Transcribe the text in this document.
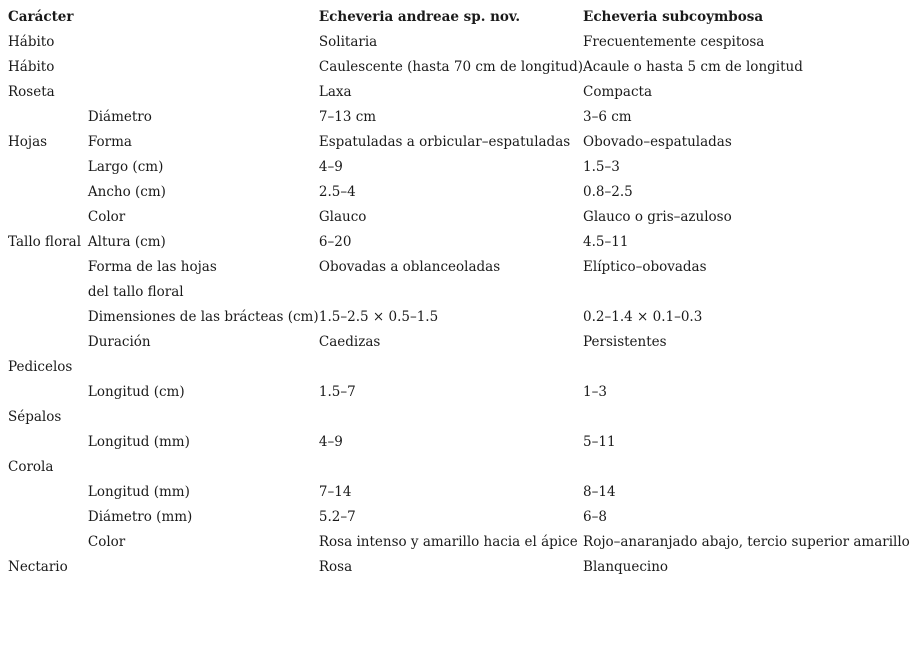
Carácter		Echeveria andreae sp. nov.	Echeveria subcoymbosa
Hábito		Solitaria	Frecuentemente cespitosa
Hábito		Caulescente (hasta 70 cm de longitud)	Acaule o hasta 5 cm de longitud
Roseta		Laxa	Compacta
	Diámetro	7–13 cm	3–6 cm
Hojas	Forma	Espatuladas a orbicular–espatuladas	Obovado–espatuladas
	Largo (cm)	4–9	1.5–3
	Ancho (cm)	2.5–4	0.8–2.5
	Color	Glauco	Glauco o gris–azuloso
Tallo floral	Altura (cm)	6–20	4.5–11
	Forma de las hojas	Obovadas a oblanceoladas	Elíptico–obovadas
	del tallo floral		
	Dimensiones de las brácteas (cm)	1.5–2.5 × 0.5–1.5	0.2–1.4 × 0.1–0.3
	Duración	Caedizas	Persistentes
Pedicelos			
	Longitud (cm)	1.5–7	1–3
Sépalos			
	Longitud (mm)	4–9	5–11
Corola			
	Longitud (mm)	7–14	8–14
	Diámetro (mm)	5.2–7	6–8
	Color	Rosa intenso y amarillo hacia el ápice	Rojo–anaranjado abajo, tercio superior amarillo
Nectario		Rosa	Blanquecino
